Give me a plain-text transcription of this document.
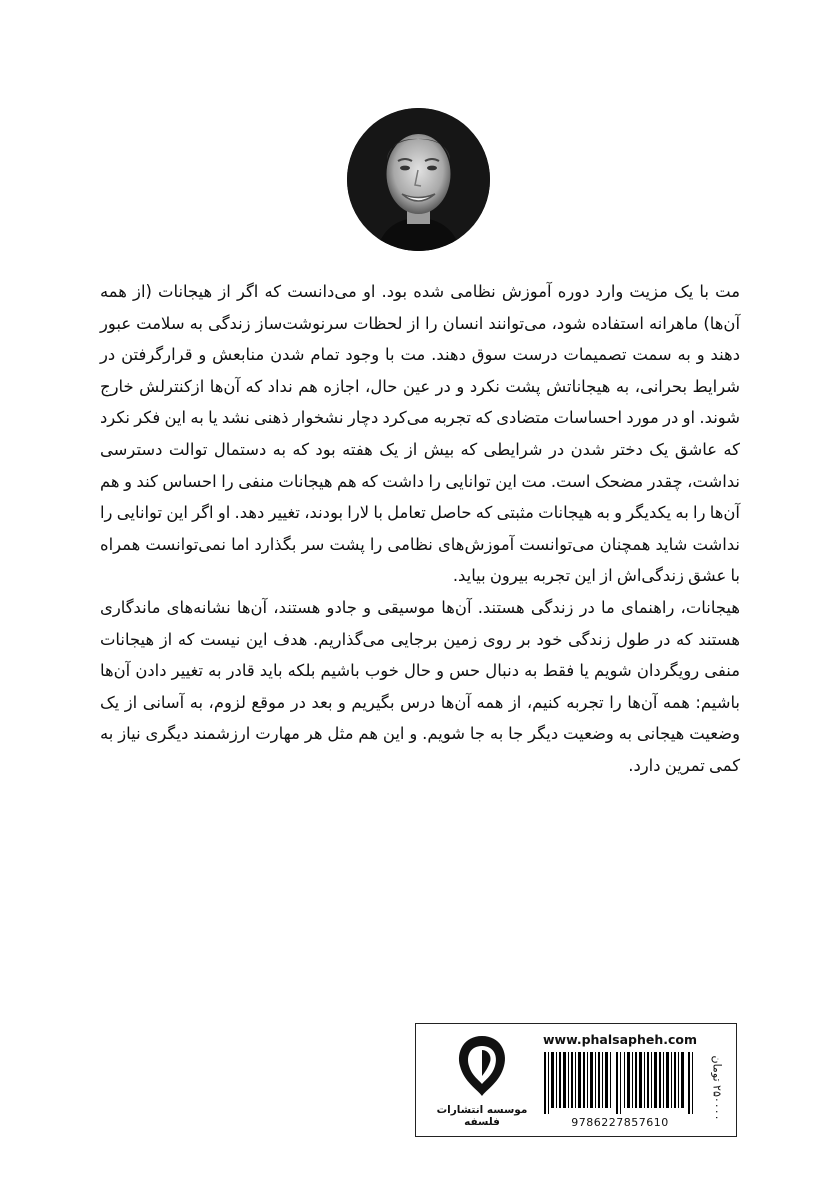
مت با یک مزیت وارد دوره آموزش نظامی شده بود. او می‌دانست که اگر از هیجانات (از همه آن‌ها) ماهرانه استفاده شود، می‌توانند انسان را از لحظات سرنوشت‌ساز زندگی به سلامت عبور دهند و به سمت تصمیمات درست سوق دهند. مت با وجود تمام شدن منابعش و قرارگرفتن در شرایط بحرانی، به هیجاناتش پشت نکرد و در عین حال، اجازه هم نداد که آن‌ها ازکنترلش خارج شوند. او در مورد احساسات متضادی که تجربه می‌کرد دچار نشخوار ذهنی نشد یا به این فکر نکرد که عاشق یک دختر شدن در شرایطی که بیش از یک هفته بود که به دستمال توالت دسترسی نداشت، چقدر مضحک است. مت این توانایی را داشت که هم هیجانات منفی را احساس کند و هم آن‌ها را به یکدیگر و به هیجانات مثبتی که حاصل تعامل با لارا بودند، تغییر دهد. او اگر این توانایی را نداشت شاید همچنان می‌توانست آموزش‌های نظامی را پشت سر بگذارد اما نمی‌توانست همراه با عشق زندگی‌اش از این تجربه بیرون بیاید.

هیجانات، راهنمای ما در زندگی هستند. آن‌ها موسیقی و جادو هستند، آن‌ها نشانه‌های ماندگاری هستند که در طول زندگی خود بر روی زمین برجایی می‌گذاریم. هدف این نیست که از هیجانات منفی رویگردان شویم یا فقط به دنبال حس و حال خوب باشیم بلکه باید قادر به تغییر دادن آن‌ها باشیم: همه آن‌ها را تجربه کنیم، از همه آن‌ها درس بگیریم و بعد در موقع لزوم، به آسانی از یک وضعیت هیجانی به وضعیت دیگر جا به جا شویم. و این هم مثل هر مهارت ارزشمند دیگری نیاز به کمی تمرین دارد.

موسسه انتشارات فلسفه
www.phalsapheh.com
9786227857610
۲۵۰۰۰۰ تومان
